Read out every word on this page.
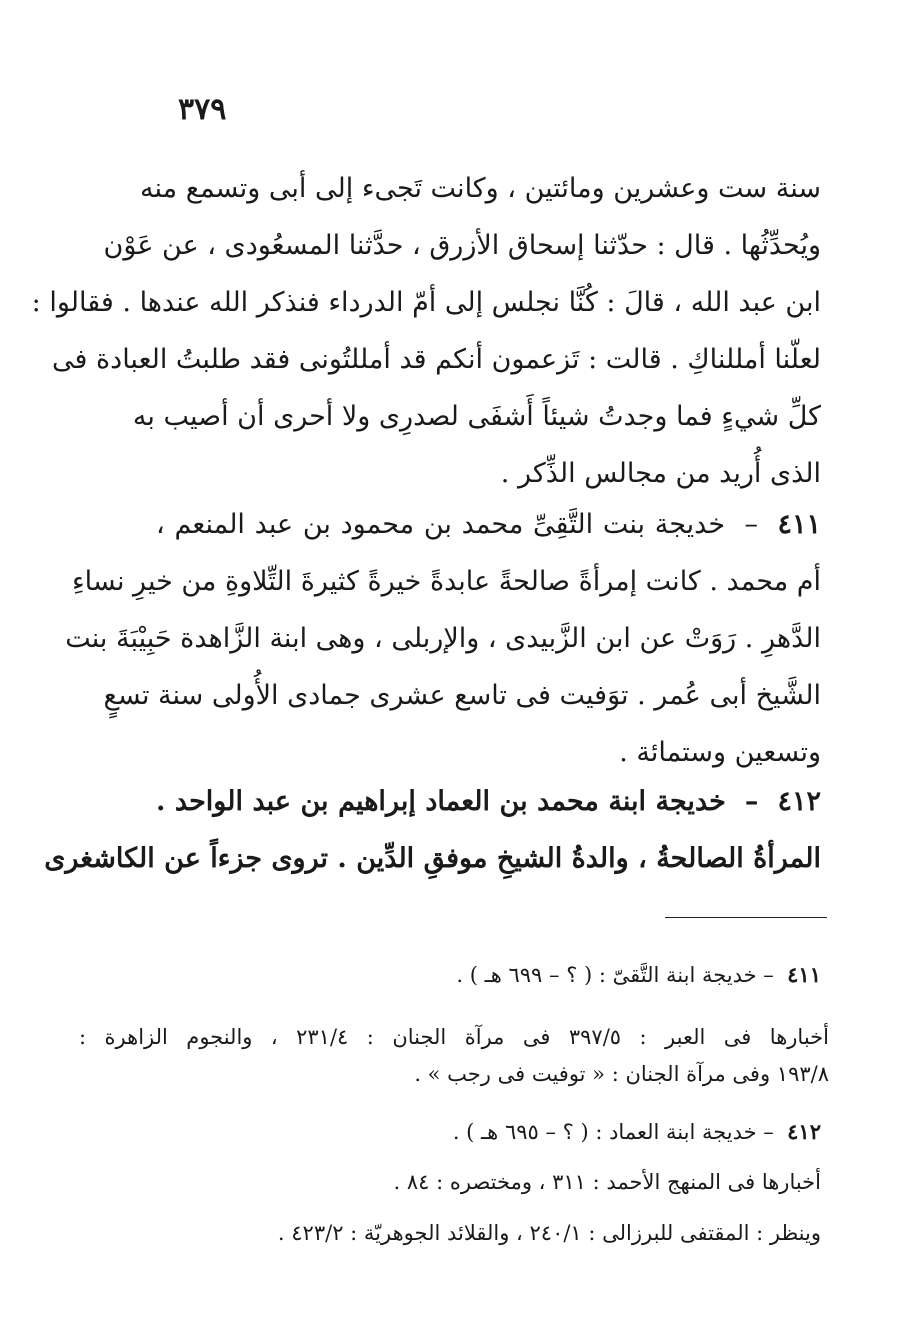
٣٧٩
سنة ست وعشرين ومائتين ، وكانت تَجىء إلى أبى وتسمع منه
ويُحدِّثُها . قال : حدّثنا إسحاق الأزرق ، حدَّثنا المسعُودى ، عن عَوْن
ابن عبد الله ، قالَ : كُنَّا نجلس إلى أمّ الدرداء فنذكر الله عندها . فقالوا :
لعلّنا أمللناكِ . قالت : تَزعمون أنكم قد أمللتُونى فقد طلبتُ العبادة فى
كلِّ شيءٍ فما وجدتُ شيئاً أَشفَى لصدرِى ولا أحرى أن أصيب به
الذى أُريد من مجالس الذِّكر .
٤١١  –  خديجة بنت التَّقِىِّ محمد بن محمود بن عبد المنعم ،
أم محمد . كانت إمرأةً صالحةً عابدةً خيرةً كثيرةَ التِّلاوةِ من خيرِ نساءِ
الدَّهرِ . رَوَتْ عن ابن الزَّبيدى ، والإربلى ، وهى ابنة الزَّاهدة حَبِيْبَةَ بنت
الشَّيخ أبى عُمر . توَفيت فى تاسع عشرى جمادى الأُولى سنة تسعٍ
وتسعين وستمائة .
٤١٢  –  خديجة ابنة محمد بن العماد إبراهيم بن عبد الواحد .
المرأةُ الصالحةُ ، والدةُ الشيخِ موفقِ الدِّين . تروى جزءاً عن الكاشغرى
٤١١  – خديجة ابنة التَّقىّ : ( ؟ – ٦٩٩ هـ ) .
أخبارها فى العبر : ٣٩٧/٥ فى مرآة الجنان : ٢٣١/٤ ، والنجوم الزاهرة :
١٩٣/٨ وفى مرآة الجنان : « توفيت فى رجب » .
٤١٢  – خديجة ابنة العماد : ( ؟ – ٦٩٥ هـ ) .
أخبارها فى المنهج الأحمد : ٣١١ ، ومختصره : ٨٤ .
وينظر : المقتفى للبرزالى : ٢٤٠/١ ، والقلائد الجوهريّة : ٤٢٣/٢ .
